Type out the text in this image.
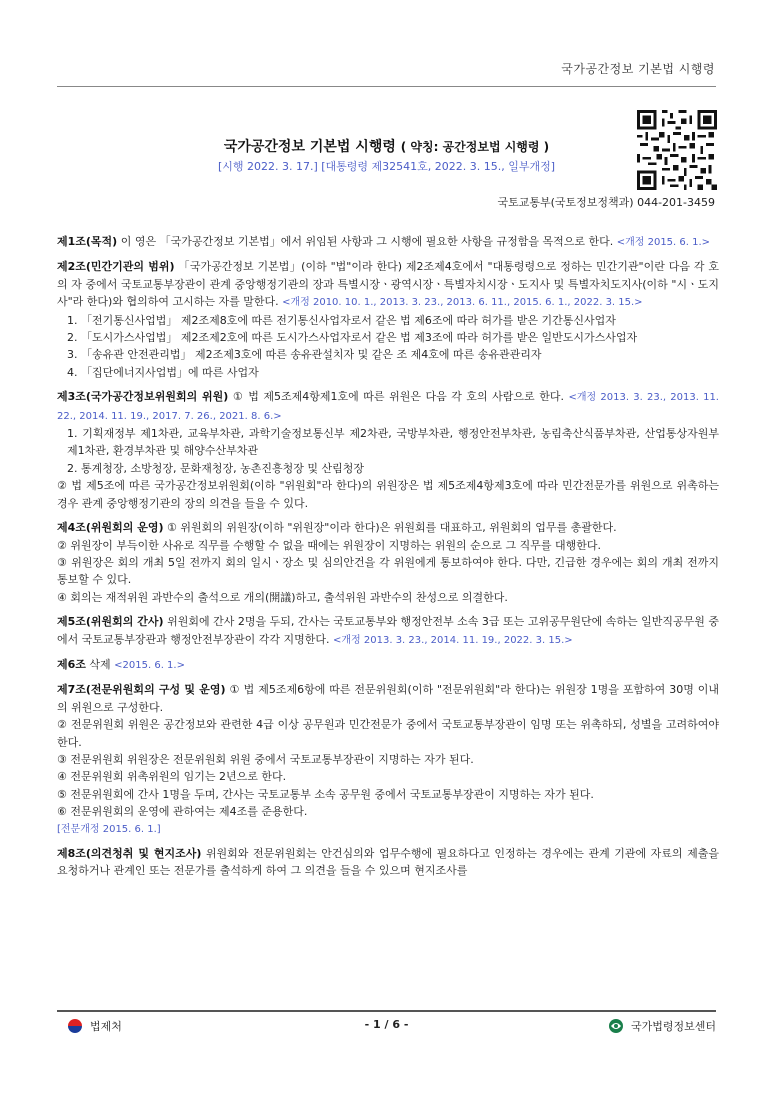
국가공간정보 기본법 시행령
국가공간정보 기본법 시행령 ( 약칭: 공간정보법 시행령 )
[시행 2022. 3. 17.] [대통령령 제32541호, 2022. 3. 15., 일부개정]
국토교통부(국토정보정책과) 044-201-3459
제1조(목적) 이 영은 「국가공간정보 기본법」에서 위임된 사항과 그 시행에 필요한 사항을 규정함을 목적으로 한다. <개정 2015. 6. 1.>
제2조(민간기관의 범위) 「국가공간정보 기본법」(이하 "법"이라 한다) 제2조제4호에서 "대통령령으로 정하는 민간기관"이란 다음 각 호의 자 중에서 국토교통부장관이 관계 중앙행정기관의 장과 특별시장ㆍ광역시장ㆍ특별자치시장ㆍ도지사 및 특별자치도지사(이하 "시ㆍ도지사"라 한다)와 협의하여 고시하는 자를 말한다. <개정 2010. 10. 1., 2013. 3. 23., 2013. 6. 11., 2015. 6. 1., 2022. 3. 15.>
1. 「전기통신사업법」 제2조제8호에 따른 전기통신사업자로서 같은 법 제6조에 따라 허가를 받은 기간통신사업자
2. 「도시가스사업법」 제2조제2호에 따른 도시가스사업자로서 같은 법 제3조에 따라 허가를 받은 일반도시가스사업자
3. 「송유관 안전관리법」 제2조제3호에 따른 송유관설치자 및 같은 조 제4호에 따른 송유관관리자
4. 「집단에너지사업법」에 따른 사업자
제3조(국가공간정보위원회의 위원) ① 법 제5조제4항제1호에 따른 위원은 다음 각 호의 사람으로 한다. <개정 2013. 3. 23., 2013. 11. 22., 2014. 11. 19., 2017. 7. 26., 2021. 8. 6.>
1. 기획재정부 제1차관, 교육부차관, 과학기술정보통신부 제2차관, 국방부차관, 행정안전부차관, 농림축산식품부차관, 산업통상자원부 제1차관, 환경부차관 및 해양수산부차관
2. 통계청장, 소방청장, 문화재청장, 농촌진흥청장 및 산림청장
② 법 제5조에 따른 국가공간정보위원회(이하 "위원회"라 한다)의 위원장은 법 제5조제4항제3호에 따라 민간전문가를 위원으로 위촉하는 경우 관계 중앙행정기관의 장의 의견을 들을 수 있다.
제4조(위원회의 운영) ① 위원회의 위원장(이하 "위원장"이라 한다)은 위원회를 대표하고, 위원회의 업무를 총괄한다.
② 위원장이 부득이한 사유로 직무를 수행할 수 없을 때에는 위원장이 지명하는 위원의 순으로 그 직무를 대행한다.
③ 위원장은 회의 개최 5일 전까지 회의 일시ㆍ장소 및 심의안건을 각 위원에게 통보하여야 한다. 다만, 긴급한 경우에는 회의 개최 전까지 통보할 수 있다.
④ 회의는 재적위원 과반수의 출석으로 개의(開議)하고, 출석위원 과반수의 찬성으로 의결한다.
제5조(위원회의 간사) 위원회에 간사 2명을 두되, 간사는 국토교통부와 행정안전부 소속 3급 또는 고위공무원단에 속하는 일반직공무원 중에서 국토교통부장관과 행정안전부장관이 각각 지명한다. <개정 2013. 3. 23., 2014. 11. 19., 2022. 3. 15.>
제6조 삭제 <2015. 6. 1.>
제7조(전문위원회의 구성 및 운영) ① 법 제5조제6항에 따른 전문위원회(이하 "전문위원회"라 한다)는 위원장 1명을 포함하여 30명 이내의 위원으로 구성한다.
② 전문위원회 위원은 공간정보와 관련한 4급 이상 공무원과 민간전문가 중에서 국토교통부장관이 임명 또는 위촉하되, 성별을 고려하여야 한다.
③ 전문위원회 위원장은 전문위원회 위원 중에서 국토교통부장관이 지명하는 자가 된다.
④ 전문위원회 위촉위원의 임기는 2년으로 한다.
⑤ 전문위원회에 간사 1명을 두며, 간사는 국토교통부 소속 공무원 중에서 국토교통부장관이 지명하는 자가 된다.
⑥ 전문위원회의 운영에 관하여는 제4조를 준용한다.
[전문개정 2015. 6. 1.]
제8조(의견청취 및 현지조사) 위원회와 전문위원회는 안건심의와 업무수행에 필요하다고 인정하는 경우에는 관계 기관에 자료의 제출을 요청하거나 관계인 또는 전문가를 출석하게 하여 그 의견을 들을 수 있으며 현지조사를
법제처	- 1 / 6 -	국가법령정보센터
